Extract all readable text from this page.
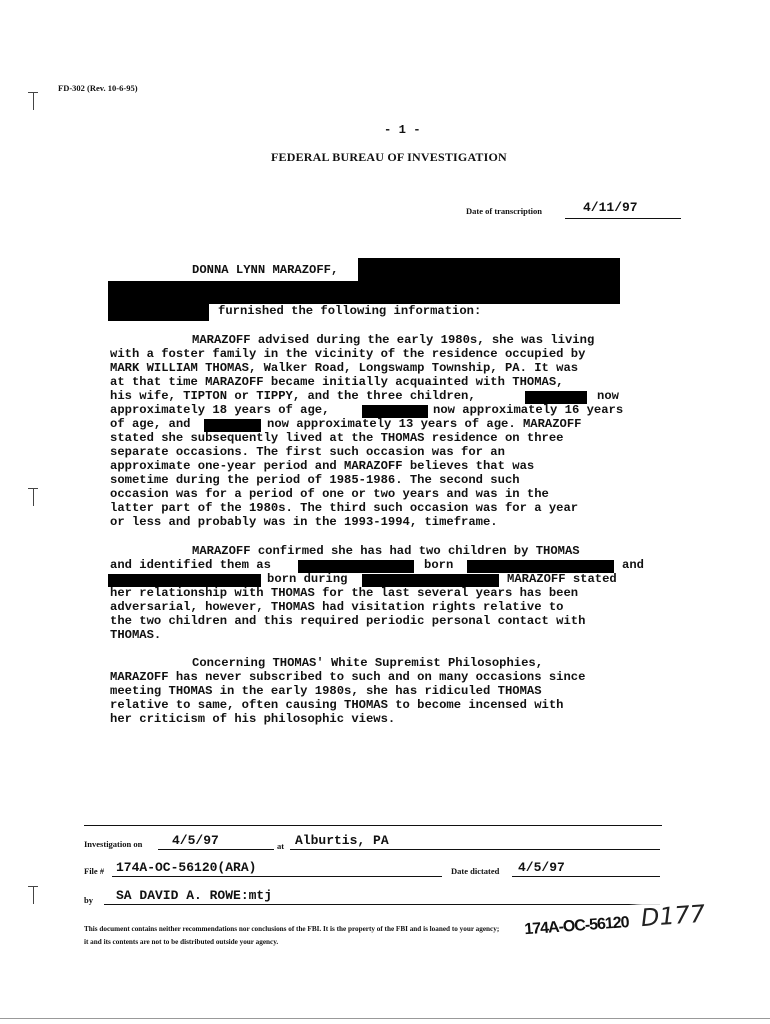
FD-302 (Rev. 10-6-95)
- 1 -
FEDERAL BUREAU OF INVESTIGATION
Date of transcription	4/11/97
DONNA LYNN MARAZOFF,
furnished the following information:
MARAZOFF advised during the early 1980s, she was living
with a foster family in the vicinity of the residence occupied by
MARK WILLIAM THOMAS, Walker Road, Longswamp Township, PA. It was
at that time MARAZOFF became initially acquainted with THOMAS,
his wife, TIPTON or TIPPY, and the three children,	now
approximately 18 years of age,	now approximately 16 years
of age, and	now approximately 13 years of age. MARAZOFF
stated she subsequently lived at the THOMAS residence on three
separate occasions. The first such occasion was for an
approximate one-year period and MARAZOFF believes that was
sometime during the period of 1985-1986. The second such
occasion was for a period of one or two years and was in the
latter part of the 1980s. The third such occasion was for a year
or less and probably was in the 1993-1994, timeframe.
MARAZOFF confirmed she has had two children by THOMAS
and identified them as	born	and
born during	MARAZOFF stated
her relationship with THOMAS for the last several years has been
adversarial, however, THOMAS had visitation rights relative to
the two children and this required periodic personal contact with
THOMAS.
Concerning THOMAS' White Supremist Philosophies,
MARAZOFF has never subscribed to such and on many occasions since
meeting THOMAS in the early 1980s, she has ridiculed THOMAS
relative to same, often causing THOMAS to become incensed with
her criticism of his philosophic views.
Investigation on 4/5/97	at Alburtis, PA
File # 174A-OC-56120(ARA)	Date dictated 4/5/97
by SA DAVID A. ROWE:mtj
This document contains neither recommendations nor conclusions of the FBI. It is the property of the FBI and is loaned to your agency;
it and its contents are not to be distributed outside your agency.
174A-OC-56120 D177
